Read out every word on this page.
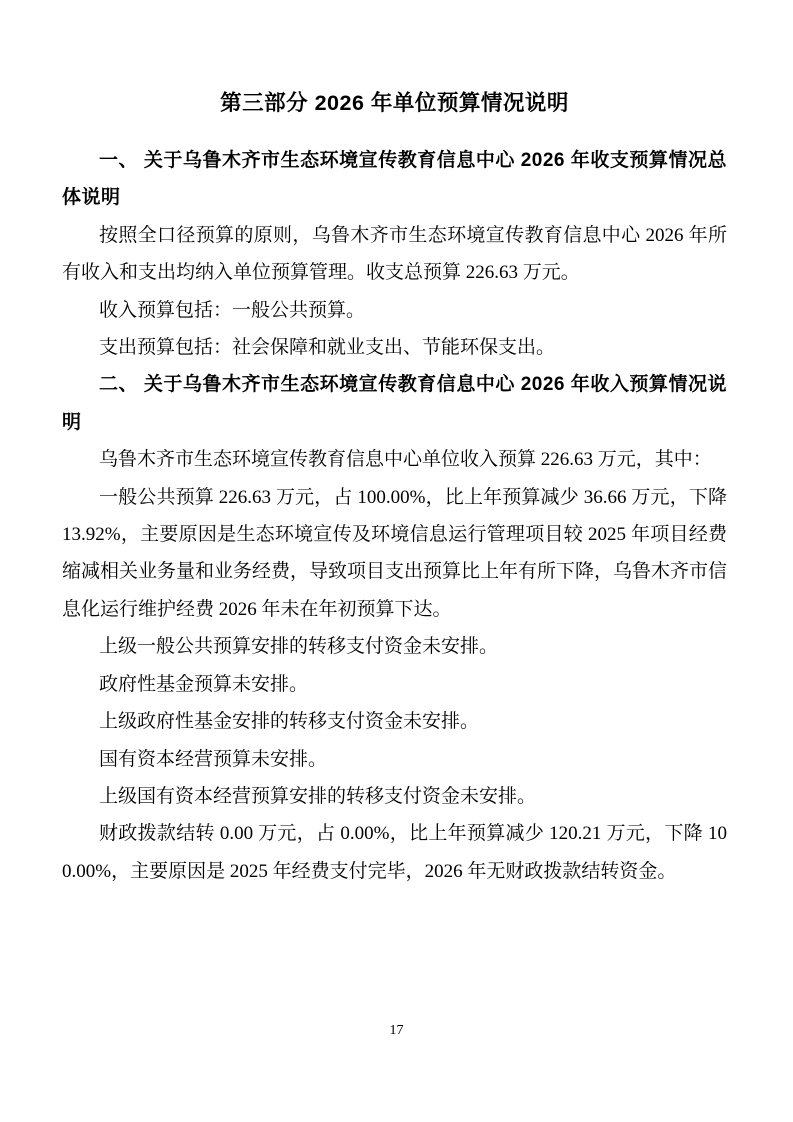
第三部分 2026 年单位预算情况说明

一、 关于乌鲁木齐市生态环境宣传教育信息中心 2026 年收支预算情况总体说明

按照全口径预算的原则，乌鲁木齐市生态环境宣传教育信息中心 2026 年所有收入和支出均纳入单位预算管理。收支总预算 226.63 万元。

收入预算包括：一般公共预算。

支出预算包括：社会保障和就业支出、节能环保支出。

二、 关于乌鲁木齐市生态环境宣传教育信息中心 2026 年收入预算情况说明

乌鲁木齐市生态环境宣传教育信息中心单位收入预算 226.63 万元，其中：

一般公共预算 226.63 万元，占 100.00%，比上年预算减少 36.66 万元，下降 13.92%，主要原因是生态环境宣传及环境信息运行管理项目较 2025 年项目经费缩减相关业务量和业务经费，导致项目支出预算比上年有所下降，乌鲁木齐市信息化运行维护经费 2026 年未在年初预算下达。

上级一般公共预算安排的转移支付资金未安排。

政府性基金预算未安排。

上级政府性基金安排的转移支付资金未安排。

国有资本经营预算未安排。

上级国有资本经营预算安排的转移支付资金未安排。

财政拨款结转 0.00 万元，占 0.00%，比上年预算减少 120.21 万元，下降 100.00%，主要原因是 2025 年经费支付完毕，2026 年无财政拨款结转资金。

17
